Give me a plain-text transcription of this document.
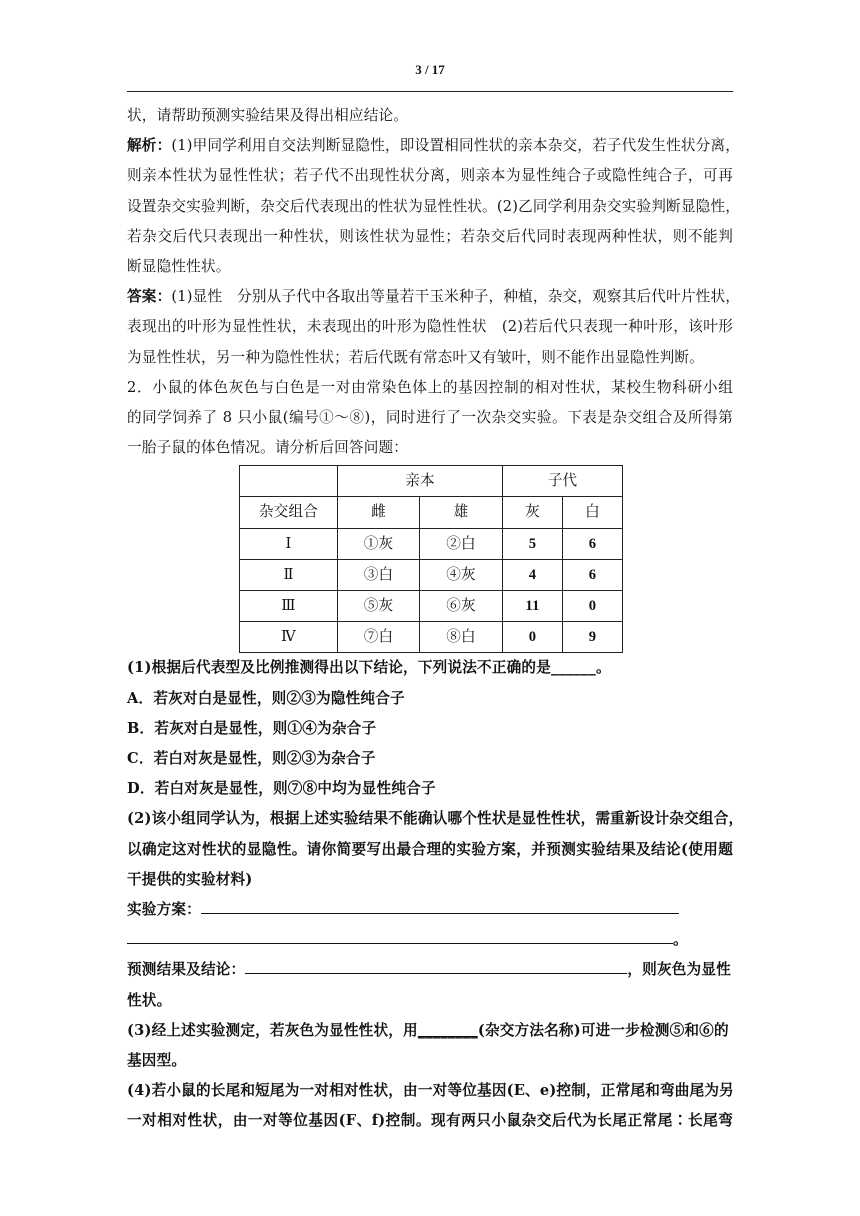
3 / 17
状，请帮助预测实验结果及得出相应结论。
解析：(1)甲同学利用自交法判断显隐性，即设置相同性状的亲本杂交，若子代发生性状分离，
则亲本性状为显性性状；若子代不出现性状分离，则亲本为显性纯合子或隐性纯合子，可再
设置杂交实验判断，杂交后代表现出的性状为显性性状。(2)乙同学利用杂交实验判断显隐性，
若杂交后代只表现出一种性状，则该性状为显性；若杂交后代同时表现两种性状，则不能判
断显隐性性状。
答案：(1)显性　分别从子代中各取出等量若干玉米种子，种植，杂交，观察其后代叶片性状，
表现出的叶形为显性性状，未表现出的叶形为隐性性状　(2)若后代只表现一种叶形，该叶形
为显性性状，另一种为隐性性状；若后代既有常态叶又有皱叶，则不能作出显隐性判断。
2．小鼠的体色灰色与白色是一对由常染色体上的基因控制的相对性状，某校生物科研小组
的同学饲养了 8 只小鼠(编号①～⑧)，同时进行了一次杂交实验。下表是杂交组合及所得第
一胎子鼠的体色情况。请分析后回答问题：
	亲本		子代	
杂交组合	雌	雄	灰	白
Ⅰ	①灰	②白	5	6
Ⅱ	③白	④灰	4	6
Ⅲ	⑤灰	⑥灰	11	0
Ⅳ	⑦白	⑧白	0	9
(1)根据后代表型及比例推测得出以下结论，下列说法不正确的是______。
A．若灰对白是显性，则②③为隐性纯合子
B．若灰对白是显性，则①④为杂合子
C．若白对灰是显性，则②③为杂合子
D．若白对灰是显性，则⑦⑧中均为显性纯合子
(2)该小组同学认为，根据上述实验结果不能确认哪个性状是显性性状，需重新设计杂交组合，
以确定这对性状的显隐性。请你简要写出最合理的实验方案，并预测实验结果及结论(使用题
干提供的实验材料)
实验方案：
。
预测结果及结论：	，则灰色为显性
性状。
(3)经上述实验测定，若灰色为显性性状，用________(杂交方法名称)可进一步检测⑤和⑥的
基因型。
(4)若小鼠的长尾和短尾为一对相对性状，由一对等位基因(E、e)控制，正常尾和弯曲尾为另
一对相对性状，由一对等位基因(F、f)控制。现有两只小鼠杂交后代为长尾正常尾∶长尾弯
